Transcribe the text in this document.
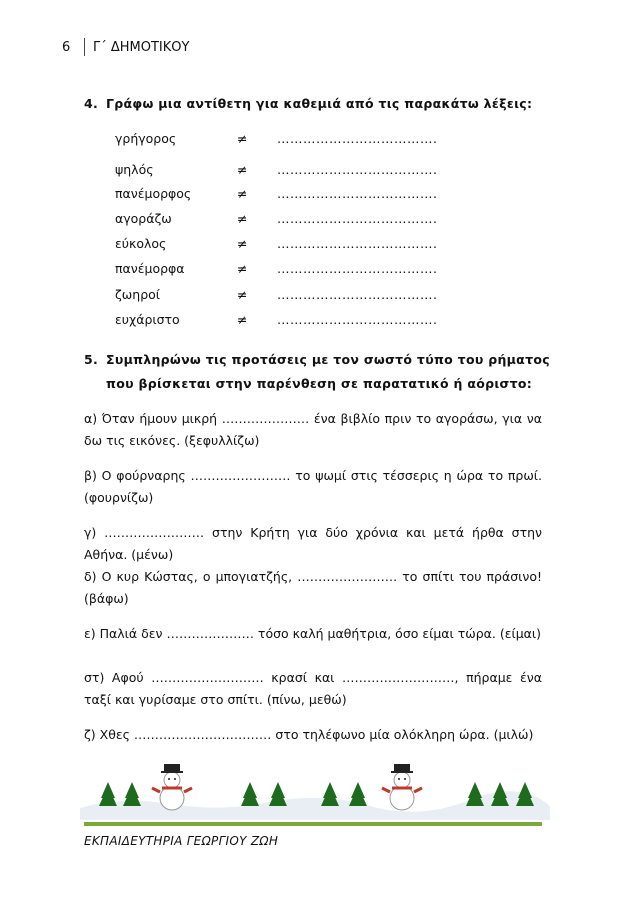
6	Γ΄ ΔΗΜΟΤΙΚΟΥ
4. Γράφω μια αντίθετη για καθεμιά από τις παρακάτω λέξεις:
γρήγορος	≠	……………………………….
ψηλός	≠	……………………………….
πανέμορφος	≠	……………………………….
αγοράζω	≠	……………………………….
εύκολος	≠	……………………………….
πανέμορφα	≠	……………………………….
ζωηροί	≠	……………………………….
ευχάριστο	≠	……………………………….
5. Συμπληρώνω τις προτάσεις με τον σωστό τύπο του ρήματος
που βρίσκεται στην παρένθεση σε παρατατικό ή αόριστο:
α) Όταν ήμουν μικρή ………………… ένα βιβλίο πριν το αγοράσω, για να δω τις εικόνες. (ξεφυλλίζω)
β) Ο φούρναρης …………………… το ψωμί στις τέσσερις η ώρα το πρωί. (φουρνίζω)
γ) …………………… στην Κρήτη για δύο χρόνια και μετά ήρθα στην Αθήνα. (μένω)
δ) Ο κυρ Κώστας, ο μπογιατζής, …………………… το σπίτι του πράσινο! (βάφω)
ε) Παλιά δεν ………………… τόσο καλή μαθήτρια, όσο είμαι τώρα. (είμαι)
στ) Αφού ……………………… κρασί και ………………………, πήραμε ένα ταξί και γυρίσαμε στο σπίτι. (πίνω, μεθώ)
ζ) Χθες …………………………… στο τηλέφωνο μία ολόκληρη ώρα. (μιλώ)
ΕΚΠΑΙΔΕΥΤΗΡΙΑ ΓΕΩΡΓΙΟΥ ΖΩΗ
